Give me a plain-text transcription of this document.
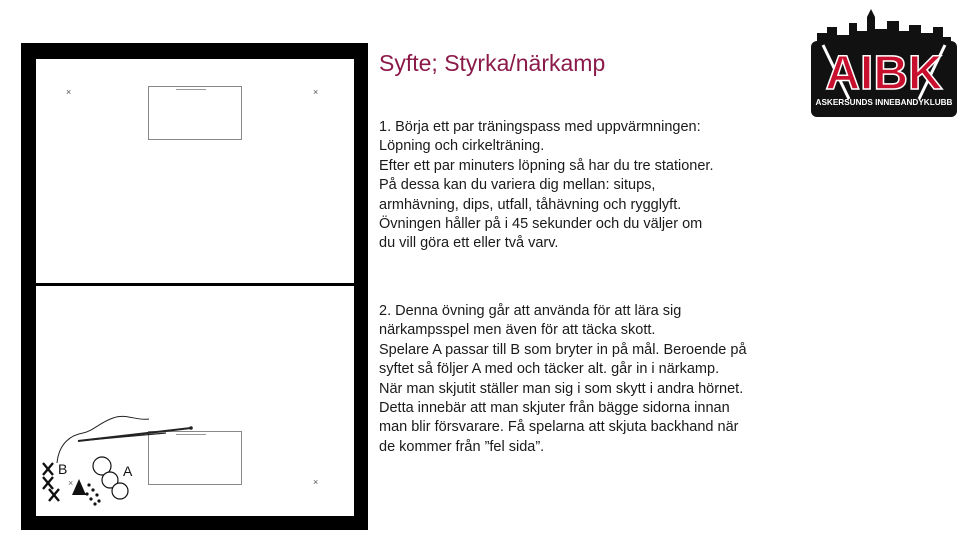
×	×
×
B	A
×
Syfte; Styrka/närkamp

1. Börja ett par träningspass med uppvärmningen:

Löpning och cirkelträning.

Efter ett par minuters löpning så har du tre stationer.

På dessa kan du variera dig mellan: situps,

armhävning, dips, utfall, tåhävning och rygglyft.

Övningen håller på i 45 sekunder och du väljer om

du vill göra ett eller två varv.

2. Denna övning går att använda för att lära sig

närkampsspel men även för att täcka skott.

Spelare A passar till B som bryter in på mål. Beroende på

syftet så följer A med och täcker alt. går in i närkamp.

När man skjutit ställer man sig i som skytt i andra hörnet.

Detta innebär att man skjuter från bägge sidorna innan

man blir försvarare. Få spelarna att skjuta backhand när

de kommer från ”fel sida”.

AIBK
ASKERSUNDS INNEBANDYKLUBB
